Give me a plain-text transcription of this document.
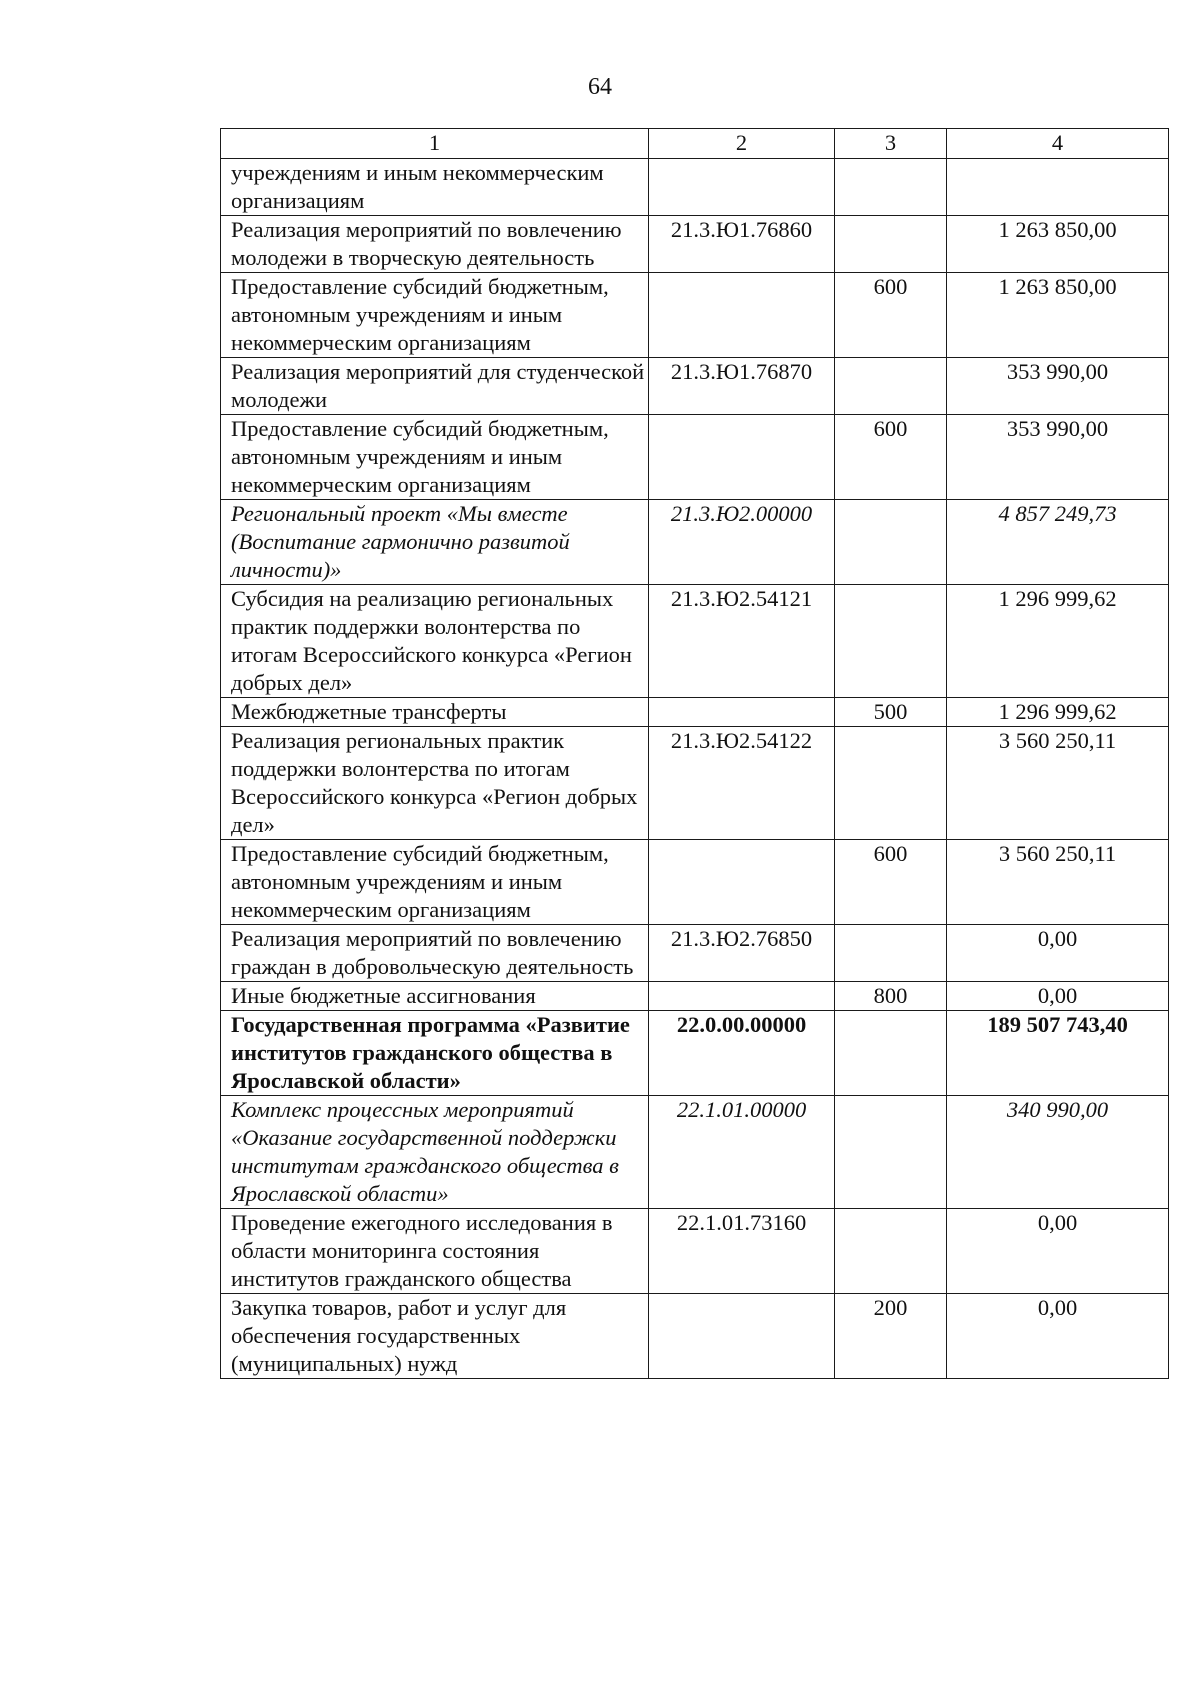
64
1	2	3	4
учреждениям и иным некоммерческим организациям			
Реализация мероприятий по вовлечению молодежи в творческую деятельность	21.3.Ю1.76860		1 263 850,00
Предоставление субсидий бюджетным, автономным учреждениям и иным некоммерческим организациям		600	1 263 850,00
Реализация мероприятий для студенческой молодежи	21.3.Ю1.76870		353 990,00
Предоставление субсидий бюджетным, автономным учреждениям и иным некоммерческим организациям		600	353 990,00
Региональный проект «Мы вместе (Воспитание гармонично развитой личности)»	21.3.Ю2.00000		4 857 249,73
Субсидия на реализацию региональных практик поддержки волонтерства по итогам Всероссийского конкурса «Регион добрых дел»	21.3.Ю2.54121		1 296 999,62
Межбюджетные трансферты		500	1 296 999,62
Реализация региональных практик поддержки волонтерства по итогам Всероссийского конкурса «Регион добрых дел»	21.3.Ю2.54122		3 560 250,11
Предоставление субсидий бюджетным, автономным учреждениям и иным некоммерческим организациям		600	3 560 250,11
Реализация мероприятий по вовлечению граждан в добровольческую деятельность	21.3.Ю2.76850		0,00
Иные бюджетные ассигнования		800	0,00
Государственная программа «Развитие институтов гражданского общества в Ярославской области»	22.0.00.00000		189 507 743,40
Комплекс процессных мероприятий «Оказание государственной поддержки институтам гражданского общества в Ярославской области»	22.1.01.00000		340 990,00
Проведение ежегодного исследования в области мониторинга состояния институтов гражданского общества	22.1.01.73160		0,00
Закупка товаров, работ и услуг для обеспечения государственных (муниципальных) нужд		200	0,00
